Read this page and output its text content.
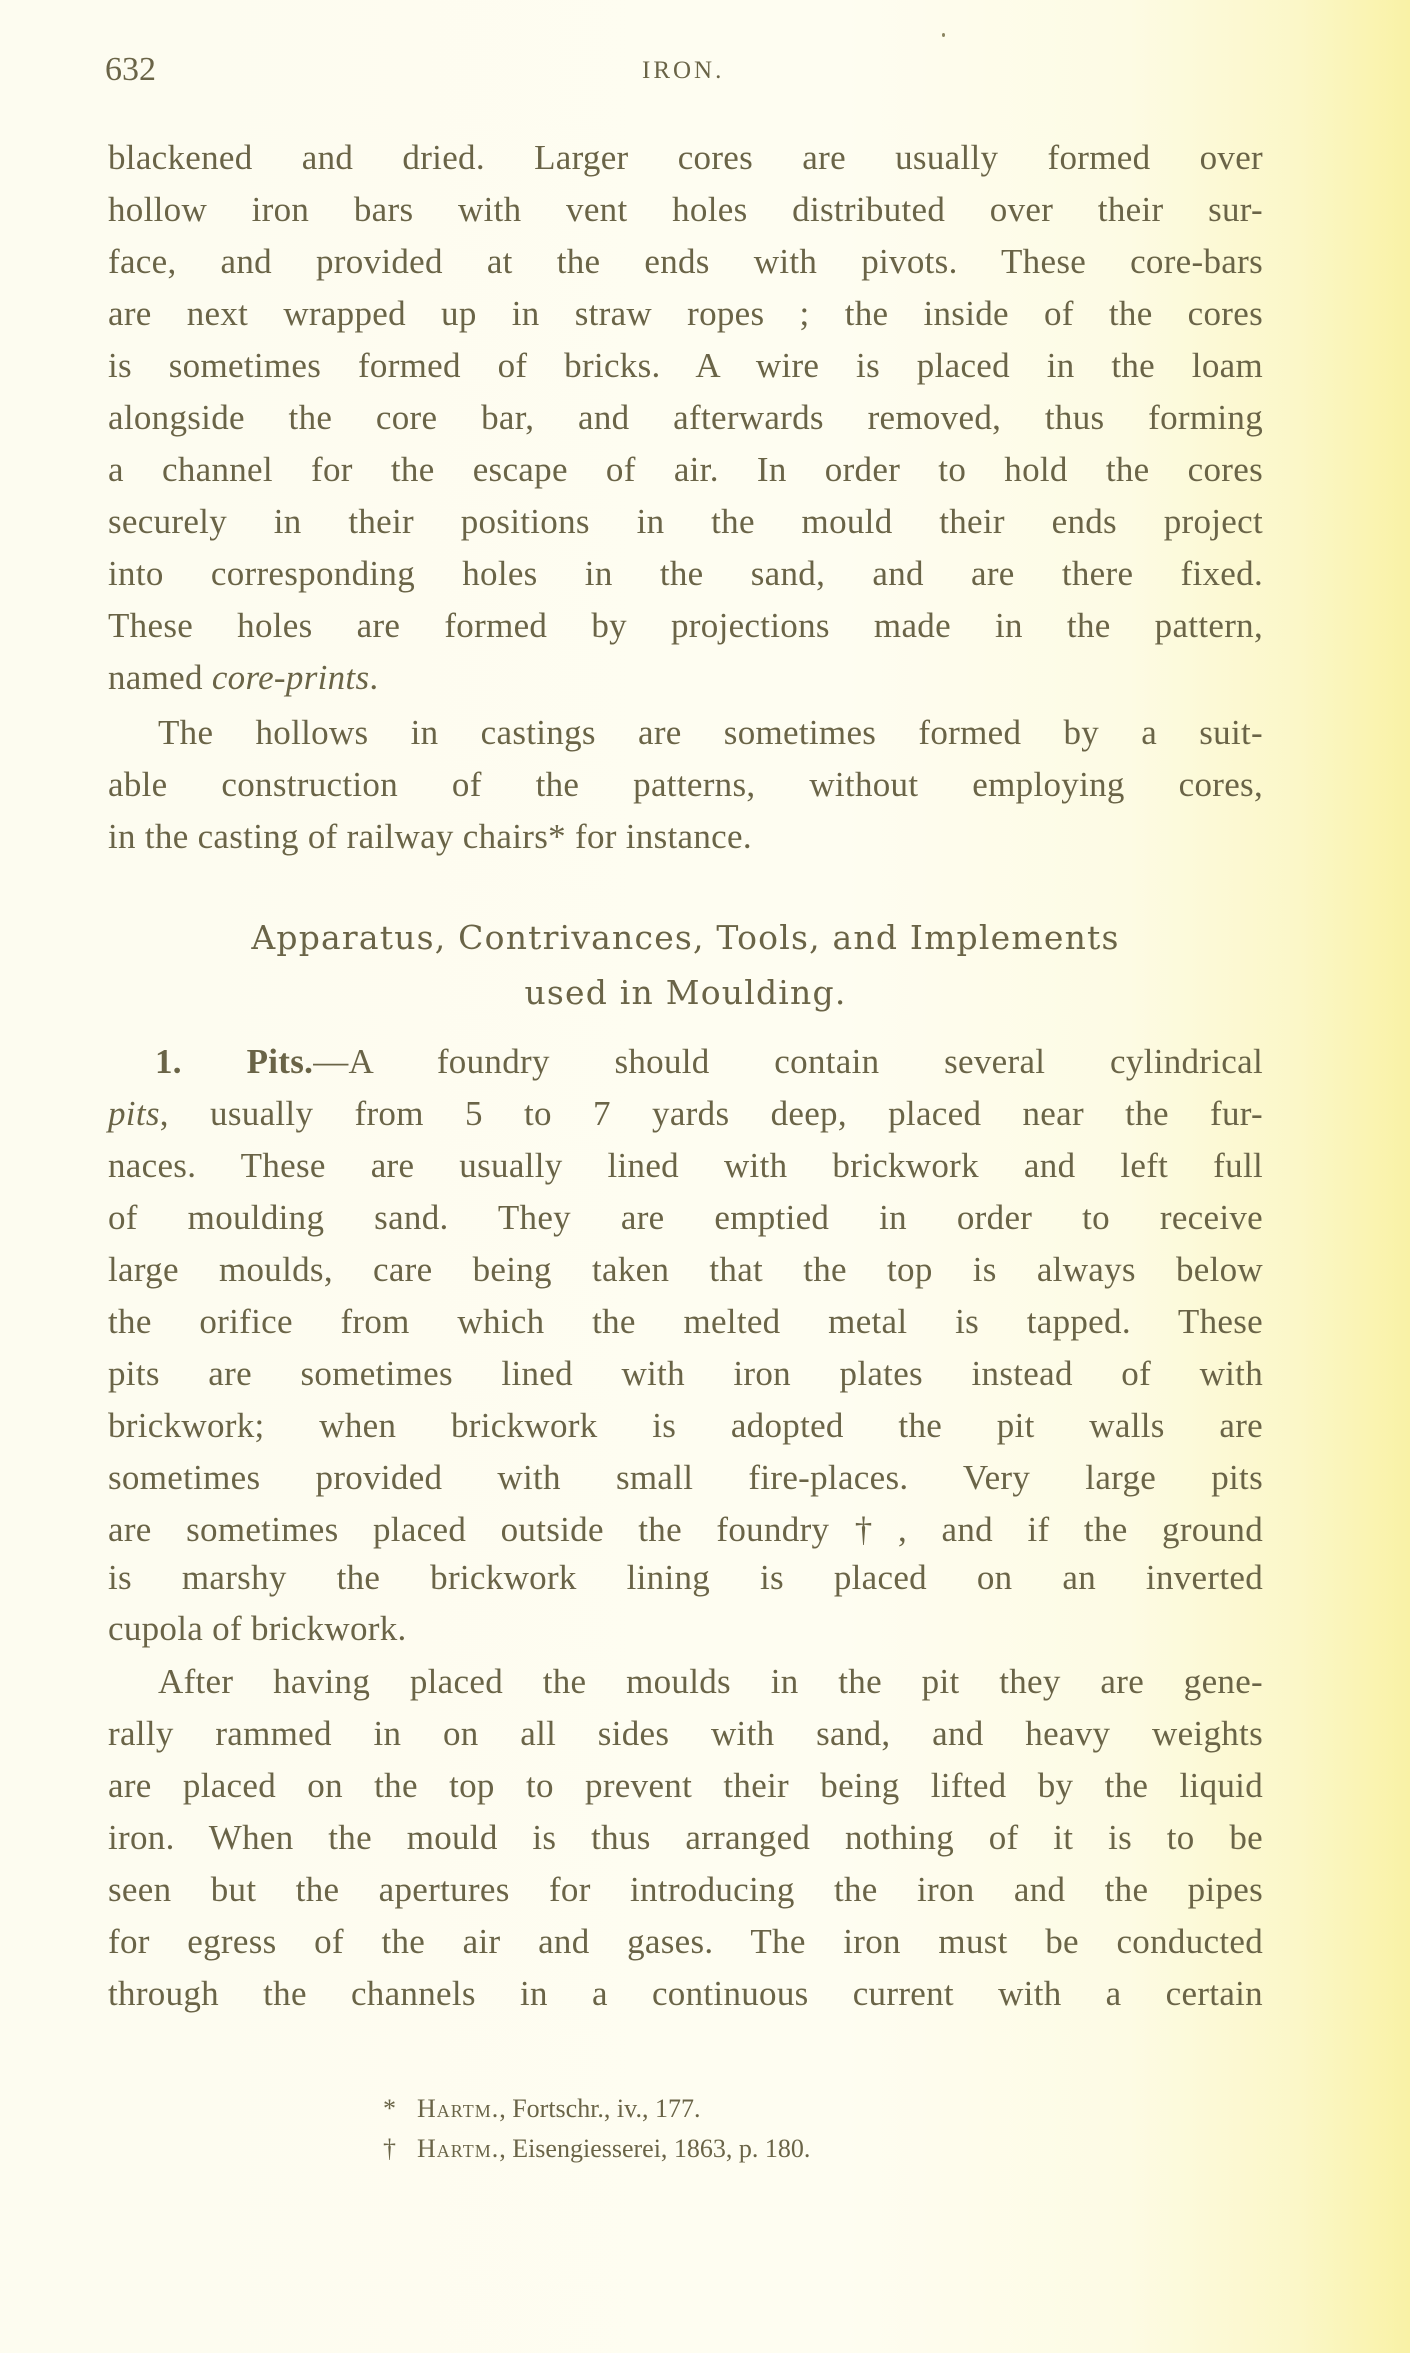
632	IRON.
blackened and dried. Larger cores are usually formed over
hollow iron bars with vent holes distributed over their sur-
face, and provided at the ends with pivots. These core-bars
are next wrapped up in straw ropes ; the inside of the cores
is sometimes formed of bricks. A wire is placed in the loam
alongside the core bar, and afterwards removed, thus forming
a channel for the escape of air. In order to hold the cores
securely in their positions in the mould their ends project
into corresponding holes in the sand, and are there fixed.
These holes are formed by projections made in the pattern,
named core-prints.
The hollows in castings are sometimes formed by a suit-
able construction of the patterns, without employing cores,
in the casting of railway chairs* for instance.
Apparatus, Contrivances, Tools, and Implements
used in Moulding.
1. Pits.—A foundry should contain several cylindrical
pits, usually from 5 to 7 yards deep, placed near the fur-
naces. These are usually lined with brickwork and left full
of moulding sand. They are emptied in order to receive
large moulds, care being taken that the top is always below
the orifice from which the melted metal is tapped. These
pits are sometimes lined with iron plates instead of with
brickwork; when brickwork is adopted the pit walls are
sometimes provided with small fire-places. Very large pits
are sometimes placed outside the foundry†, and if the ground
is marshy the brickwork lining is placed on an inverted
cupola of brickwork.
After having placed the moulds in the pit they are gene-
rally rammed in on all sides with sand, and heavy weights
are placed on the top to prevent their being lifted by the liquid
iron. When the mould is thus arranged nothing of it is to be
seen but the apertures for introducing the iron and the pipes
for egress of the air and gases. The iron must be conducted
through the channels in a continuous current with a certain
* Hartm., Fortschr., iv., 177.
† Hartm., Eisengiesserei, 1863, p. 180.
